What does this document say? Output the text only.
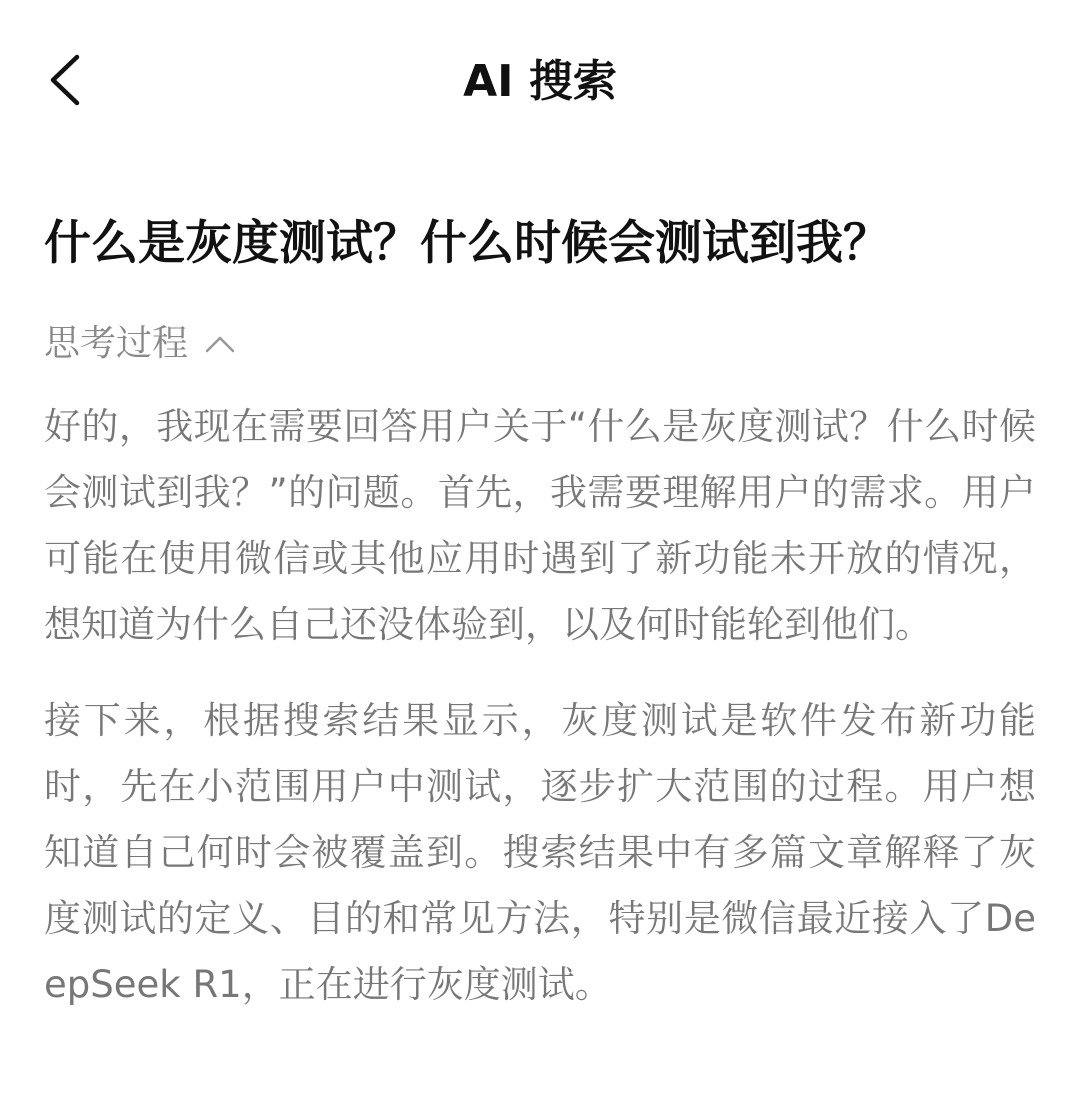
AI 搜索
什么是灰度测试？什么时候会测试到我？
思考过程

好的，我现在需要回答用户关于“什么是灰度测试？什么时候会测试到我？”的问题。首先，我需要理解用户的需求。用户可能在使用微信或其他应用时遇到了新功能未开放的情况，想知道为什么自己还没体验到，以及何时能轮到他们。

接下来，根据搜索结果显示，灰度测试是软件发布新功能时，先在小范围用户中测试，逐步扩大范围的过程。用户想知道自己何时会被覆盖到。搜索结果中有多篇文章解释了灰度测试的定义、目的和常见方法，特别是微信最近接入了DeepSeek R1，正在进行灰度测试。
